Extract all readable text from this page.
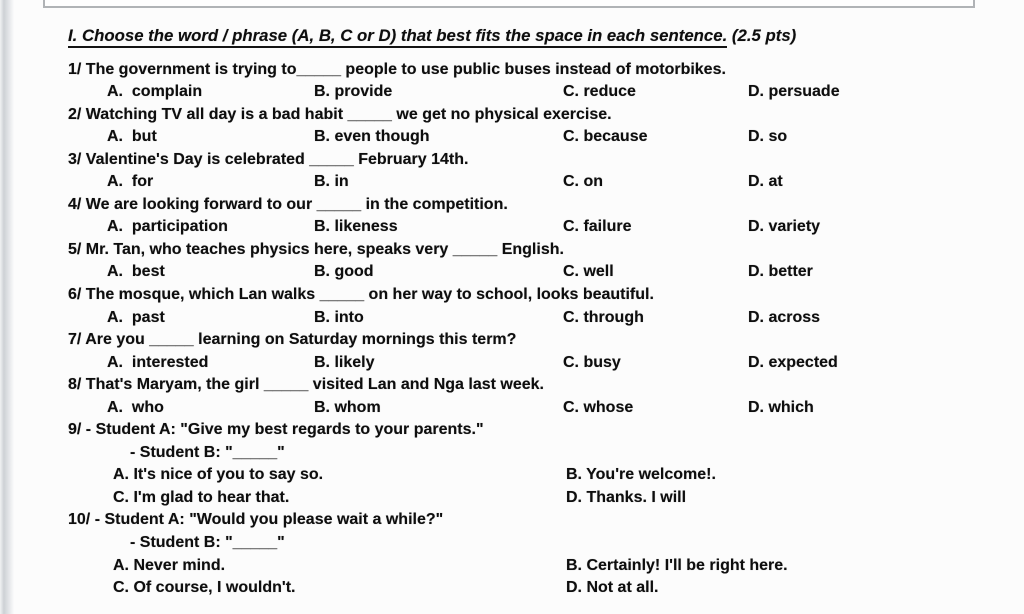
I. Choose the word / phrase (A, B, C or D) that best fits the space in each sentence. (2.5 pts)
1/ The government is trying to_____ people to use public buses instead of motorbikes.
A.  complain	B. provide	C. reduce	D. persuade
2/ Watching TV all day is a bad habit _____ we get no physical exercise.
A.  but	B. even though	C. because	D. so
3/ Valentine's Day is celebrated _____ February 14th.
A.  for	B. in	C. on	D. at
4/ We are looking forward to our _____ in the competition.
A.  participation	B. likeness	C. failure	D. variety
5/ Mr. Tan, who teaches physics here, speaks very _____ English.
A.  best	B. good	C. well	D. better
6/ The mosque, which Lan walks _____ on her way to school, looks beautiful.
A.  past	B. into	C. through	D. across
7/ Are you _____ learning on Saturday mornings this term?
A.  interested	B. likely	C. busy	D. expected
8/ That's Maryam, the girl _____ visited Lan and Nga last week.
A.  who	B. whom	C. whose	D. which
9/ - Student A: "Give my best regards to your parents."
- Student B: "_____"
A. It's nice of you to say so.	B. You're welcome!.
C. I'm glad to hear that.	D. Thanks. I will
10/ - Student A: "Would you please wait a while?"
- Student B: "_____"
A. Never mind.	B. Certainly! I'll be right here.
C. Of course, I wouldn't.	D. Not at all.
